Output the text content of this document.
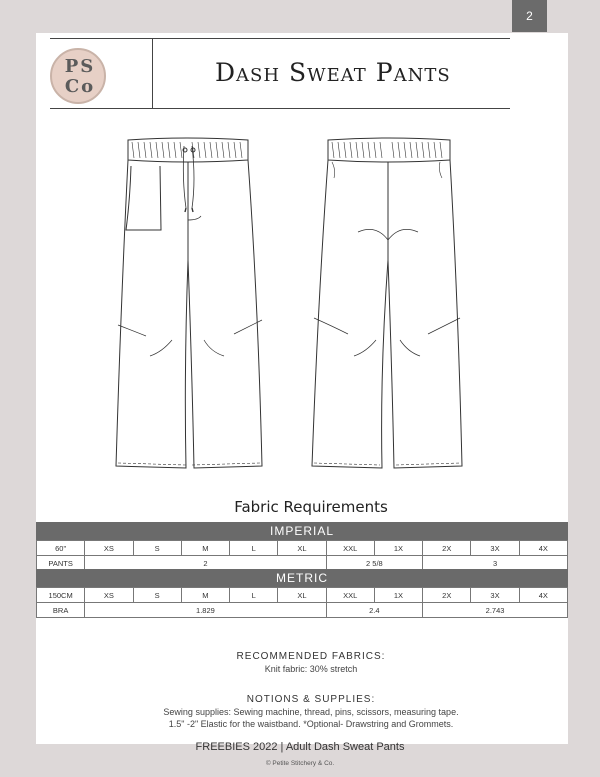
2
PS
Co	Dash Sweat Pants
Fabric Requirements
IMPERIAL
60"	XS	S	M	L	XL	XXL	1X	2X	3X	4X
PANTS	2					2 5/8		3		
METRIC
150CM	XS	S	M	L	XL	XXL	1X	2X	3X	4X
BRA	1.829					2.4		2.743		
RECOMMENDED FABRICS:
Knit fabric: 30% stretch
NOTIONS & SUPPLIES:
Sewing supplies: Sewing machine, thread, pins, scissors, measuring tape.
1.5" -2" Elastic for the waistband. *Optional- Drawstring and Grommets.
FREEBIES 2022 | Adult Dash Sweat Pants
© Petite Stitchery & Co.
